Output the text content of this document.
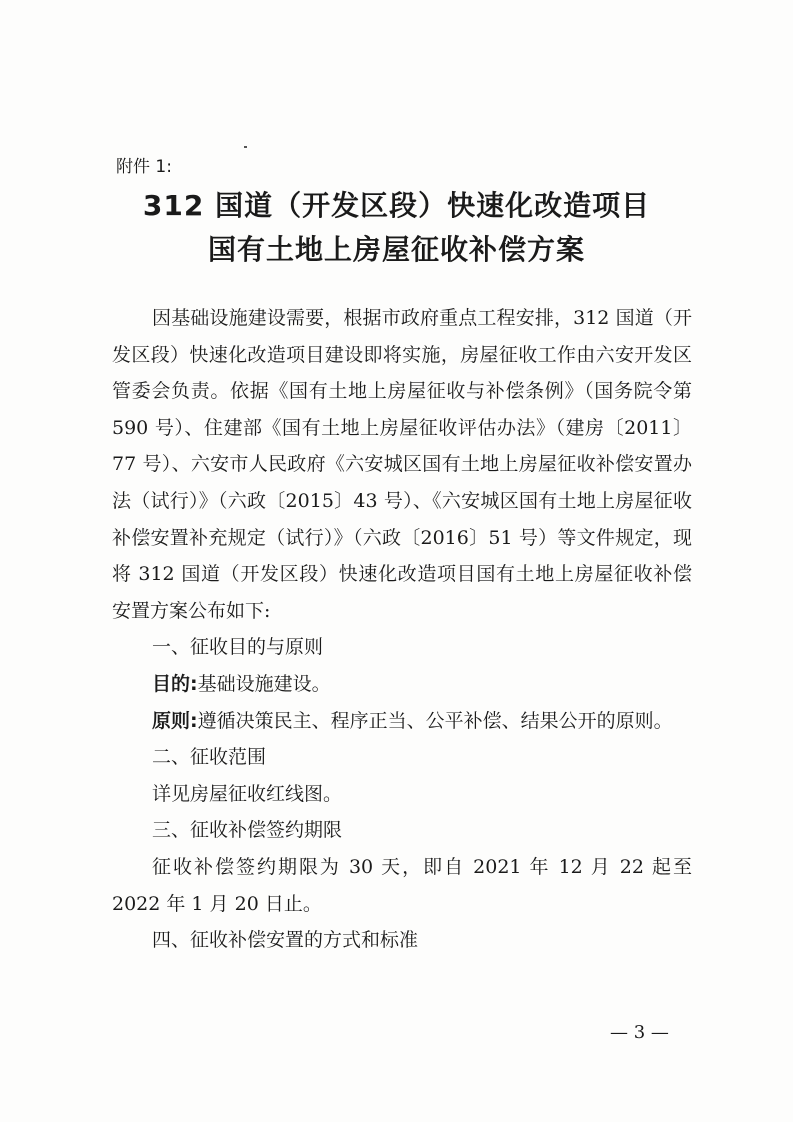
附件 1:
312 国道（开发区段）快速化改造项目
国有土地上房屋征收补偿方案

因基础设施建设需要，根据市政府重点工程安排，312 国道（开发区段）快速化改造项目建设即将实施，房屋征收工作由六安开发区管委会负责。依据《国有土地上房屋征收与补偿条例》（国务院令第 590 号）、住建部《国有土地上房屋征收评估办法》（建房〔2011〕77 号）、六安市人民政府《六安城区国有土地上房屋征收补偿安置办法（试行）》（六政〔2015〕43 号）、《六安城区国有土地上房屋征收补偿安置补充规定（试行）》（六政〔2016〕51 号）等文件规定，现将 312 国道（开发区段）快速化改造项目国有土地上房屋征收补偿安置方案公布如下:

一、征收目的与原则

目的:基础设施建设。

原则:遵循决策民主、程序正当、公平补偿、结果公开的原则。

二、征收范围

详见房屋征收红线图。

三、征收补偿签约期限

征收补偿签约期限为 30 天，即自 2021 年 12 月 22 起至 2022 年 1 月 20 日止。

四、征收补偿安置的方式和标准

— 3 —
